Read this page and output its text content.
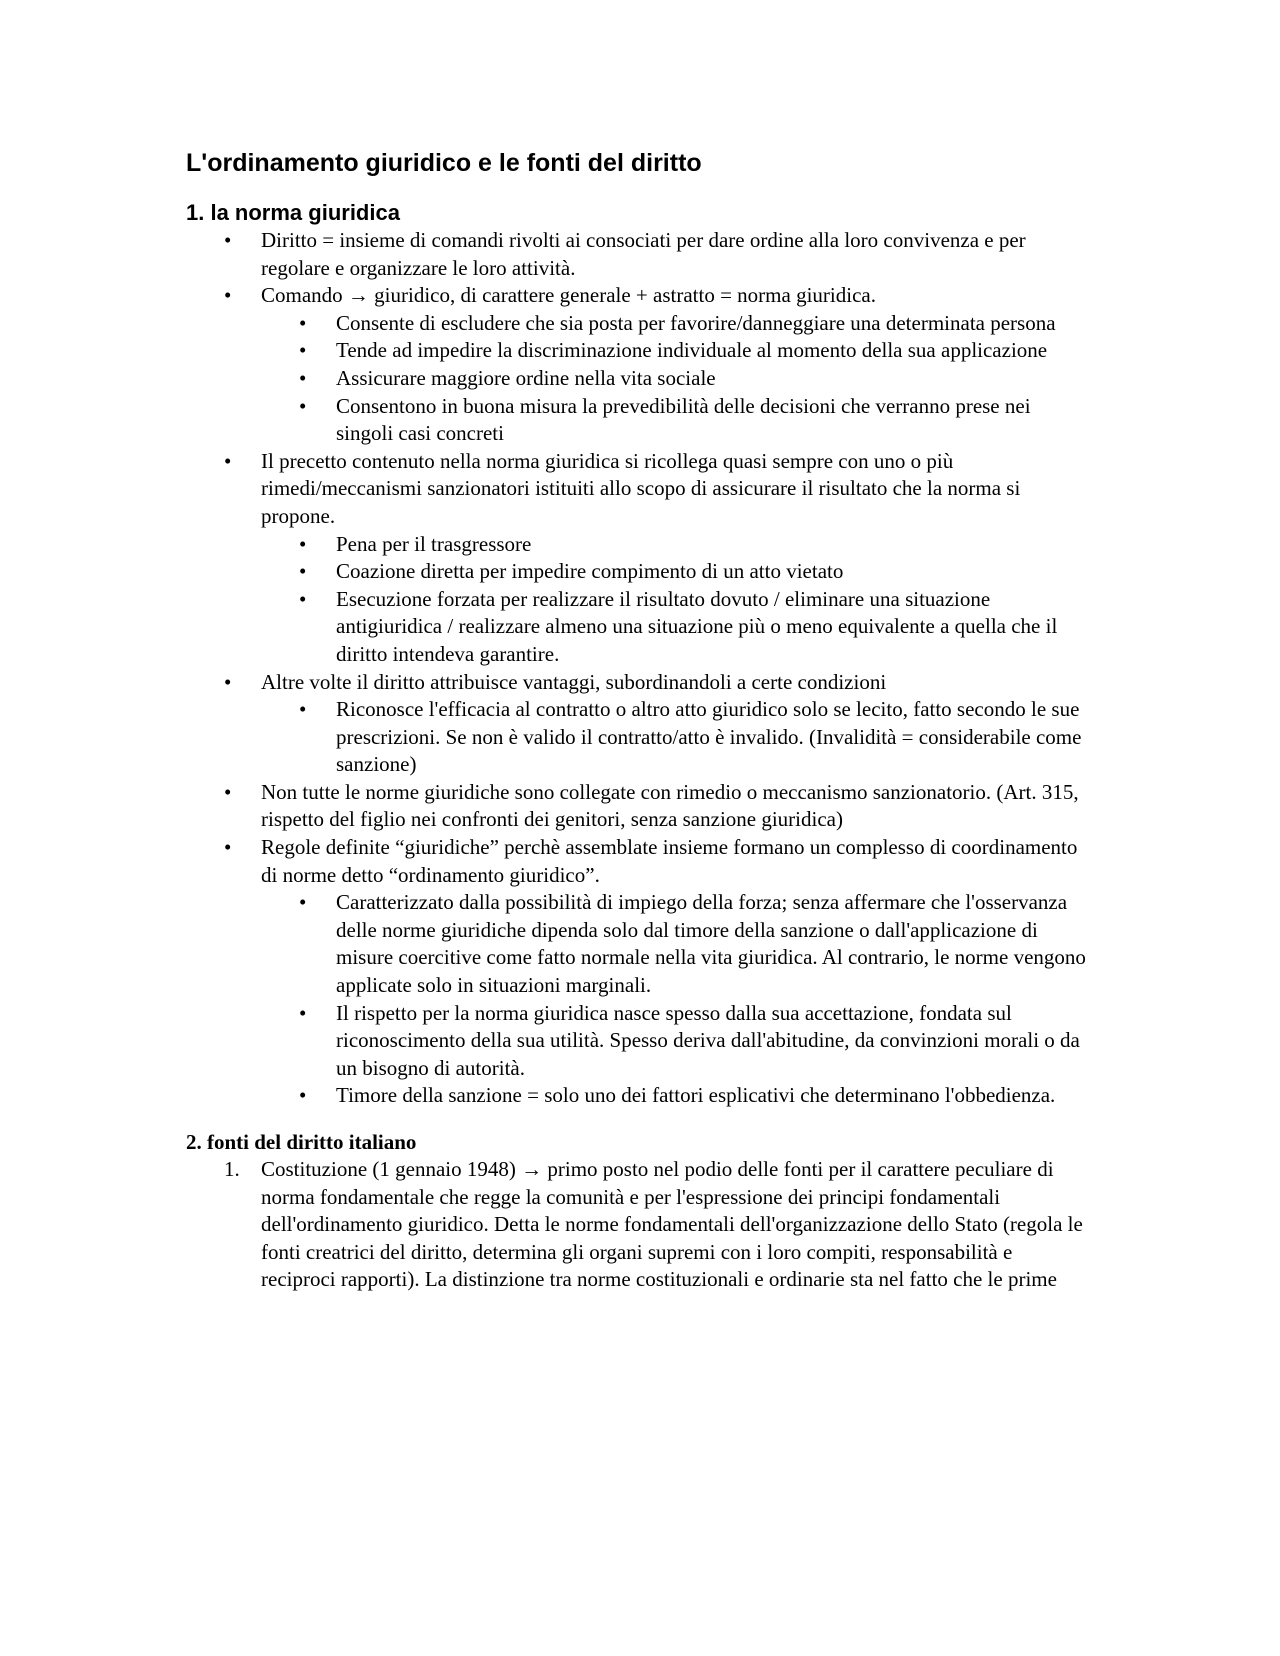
L'ordinamento giuridico e le fonti del diritto
1. la norma giuridica
• Diritto = insieme di comandi rivolti ai consociati per dare ordine alla loro convivenza e per regolare e organizzare le loro attività.
• Comando → giuridico, di carattere generale + astratto = norma giuridica.
• Consente di escludere che sia posta per favorire/danneggiare una determinata persona
• Tende ad impedire la discriminazione individuale al momento della sua applicazione
• Assicurare maggiore ordine nella vita sociale
• Consentono in buona misura la prevedibilità delle decisioni che verranno prese nei singoli casi concreti
• Il precetto contenuto nella norma giuridica si ricollega quasi sempre con uno o più rimedi/meccanismi sanzionatori istituiti allo scopo di assicurare il risultato che la norma si propone.
• Pena per il trasgressore
• Coazione diretta per impedire compimento di un atto vietato
• Esecuzione forzata per realizzare il risultato dovuto / eliminare una situazione antigiuridica / realizzare almeno una situazione più o meno equivalente a quella che il diritto intendeva garantire.
• Altre volte il diritto attribuisce vantaggi, subordinandoli a certe condizioni
• Riconosce l'efficacia al contratto o altro atto giuridico solo se lecito, fatto secondo le sue prescrizioni. Se non è valido il contratto/atto è invalido. (Invalidità = considerabile come sanzione)
• Non tutte le norme giuridiche sono collegate con rimedio o meccanismo sanzionatorio. (Art. 315, rispetto del figlio nei confronti dei genitori, senza sanzione giuridica)
• Regole definite “giuridiche” perchè assemblate insieme formano un complesso di coordinamento di norme detto “ordinamento giuridico”.
• Caratterizzato dalla possibilità di impiego della forza; senza affermare che l'osservanza delle norme giuridiche dipenda solo dal timore della sanzione o dall'applicazione di misure coercitive come fatto normale nella vita giuridica. Al contrario, le norme vengono applicate solo in situazioni marginali.
• Il rispetto per la norma giuridica nasce spesso dalla sua accettazione, fondata sul riconoscimento della sua utilità. Spesso deriva dall'abitudine, da convinzioni morali o da un bisogno di autorità.
• Timore della sanzione = solo uno dei fattori esplicativi che determinano l'obbedienza.
2. fonti del diritto italiano
1. Costituzione (1 gennaio 1948) → primo posto nel podio delle fonti per il carattere peculiare di norma fondamentale che regge la comunità e per l'espressione dei principi fondamentali dell'ordinamento giuridico. Detta le norme fondamentali dell'organizzazione dello Stato (regola le fonti creatrici del diritto, determina gli organi supremi con i loro compiti, responsabilità e reciproci rapporti). La distinzione tra norme costituzionali e ordinarie sta nel fatto che le prime
